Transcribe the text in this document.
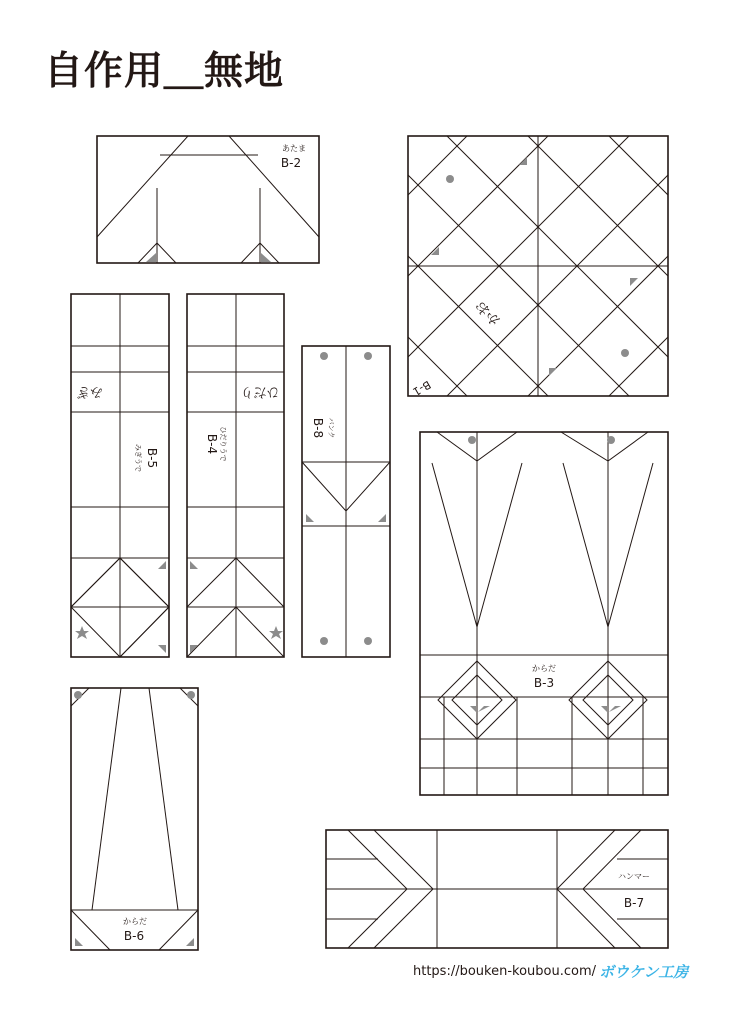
自作用＿無地
あたま
B-2
かお
B-1
みぎ
みぎうで B-5
ひだり
ひだりうで
B-4
バンク
B-8
からだ
B-3
からだ
B-6
ハンマー
B-7
https://bouken-koubou.com/ ボウケン工房
